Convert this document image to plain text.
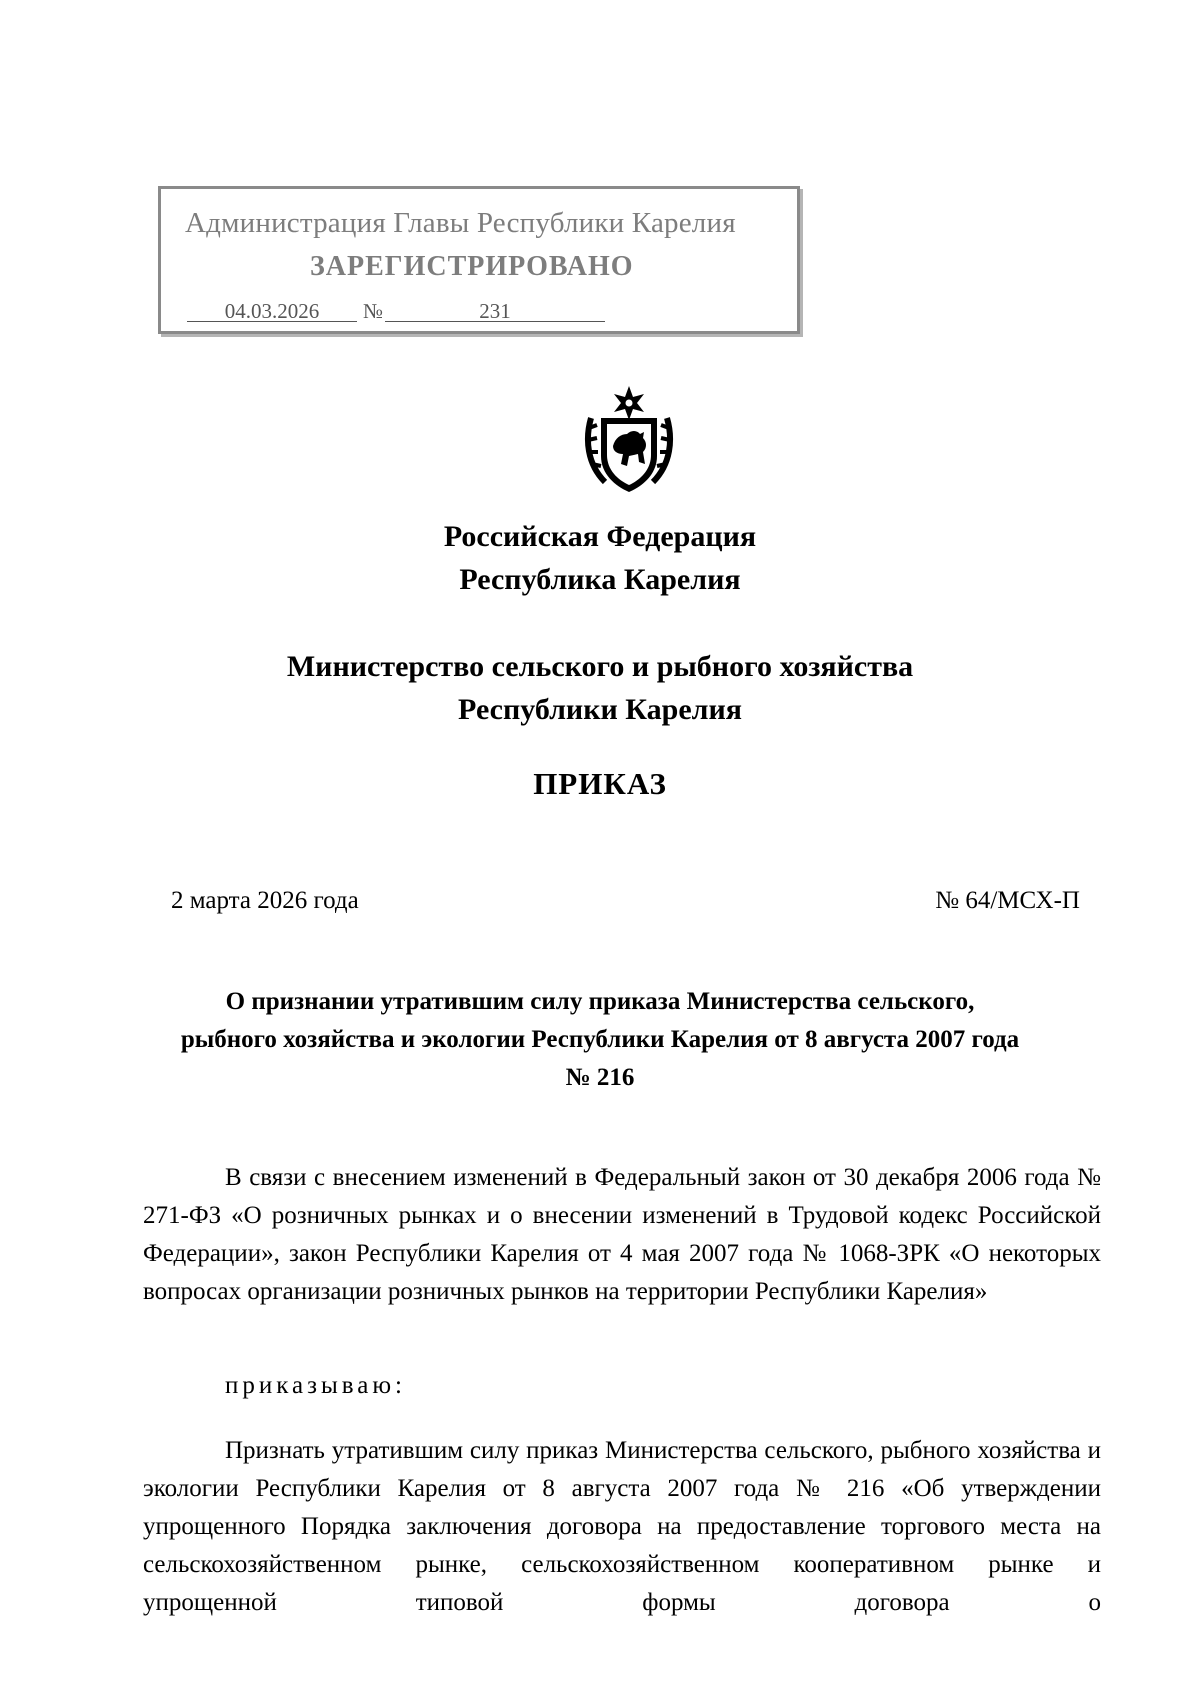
Администрация Главы Республики Карелия
ЗАРЕГИСТРИРОВАНО
04.03.2026 №	231
Российская Федерация
Республика Карелия
Министерство сельского и рыбного хозяйства
Республики Карелия
ПРИКАЗ
2 марта 2026 года	№ 64/МСХ-П
О признании утратившим силу приказа Министерства сельского,
рыбного хозяйства и экологии Республики Карелия от 8 августа 2007 года
№ 216
В связи с внесением изменений в Федеральный закон от 30 декабря 2006 года № 271-ФЗ «О розничных рынках и о внесении изменений в Трудовой кодекс Российской Федерации», закон Республики Карелия от 4 мая 2007 года № 1068-ЗРК «О некоторых вопросах организации розничных рынков на территории Республики Карелия»
приказываю:
Признать утратившим силу приказ Министерства сельского, рыбного хозяйства и экологии Республики Карелия от 8 августа 2007 года № 216 «Об утверждении упрощенного Порядка заключения договора на предоставление торгового места на сельскохозяйственном рынке, сельскохозяйственном кооперативном рынке и упрощенной типовой формы договора о
